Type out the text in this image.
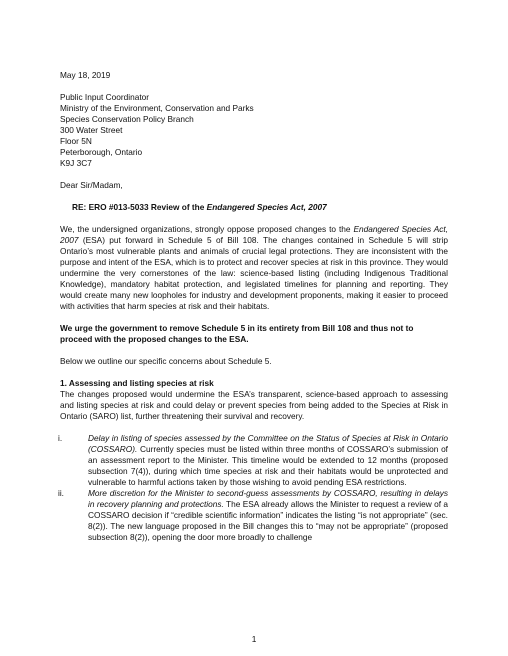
May 18, 2019

Public Input Coordinator

Ministry of the Environment, Conservation and Parks

Species Conservation Policy Branch

300 Water Street

Floor 5N

Peterborough, Ontario

K9J 3C7

Dear Sir/Madam,

RE: ERO #013-5033 Review of the Endangered Species Act, 2007

We, the undersigned organizations, strongly oppose proposed changes to the Endangered Species Act, 2007 (ESA) put forward in Schedule 5 of Bill 108. The changes contained in Schedule 5 will strip Ontario’s most vulnerable plants and animals of crucial legal protections. They are inconsistent with the purpose and intent of the ESA, which is to protect and recover species at risk in this province. They would undermine the very cornerstones of the law: science-based listing (including Indigenous Traditional Knowledge), mandatory habitat protection, and legislated timelines for planning and reporting. They would create many new loopholes for industry and development proponents, making it easier to proceed with activities that harm species at risk and their habitats.

We urge the government to remove Schedule 5 in its entirety from Bill 108 and thus not to proceed with the proposed changes to the ESA.

Below we outline our specific concerns about Schedule 5.

1. Assessing and listing species at risk

The changes proposed would undermine the ESA’s transparent, science-based approach to assessing and listing species at risk and could delay or prevent species from being added to the Species at Risk in Ontario (SARO) list, further threatening their survival and recovery.

i.	Delay in listing of species assessed by the Committee on the Status of Species at Risk in Ontario (COSSARO). Currently species must be listed within three months of COSSARO’s submission of an assessment report to the Minister. This timeline would be extended to 12 months (proposed subsection 7(4)), during which time species at risk and their habitats would be unprotected and vulnerable to harmful actions taken by those wishing to avoid pending ESA restrictions.
ii.	More discretion for the Minister to second-guess assessments by COSSARO, resulting in delays in recovery planning and protections. The ESA already allows the Minister to request a review of a COSSARO decision if “credible scientific information” indicates the listing “is not appropriate” (sec. 8(2)). The new language proposed in the Bill changes this to “may not be appropriate” (proposed subsection 8(2)), opening the door more broadly to challenge
1
